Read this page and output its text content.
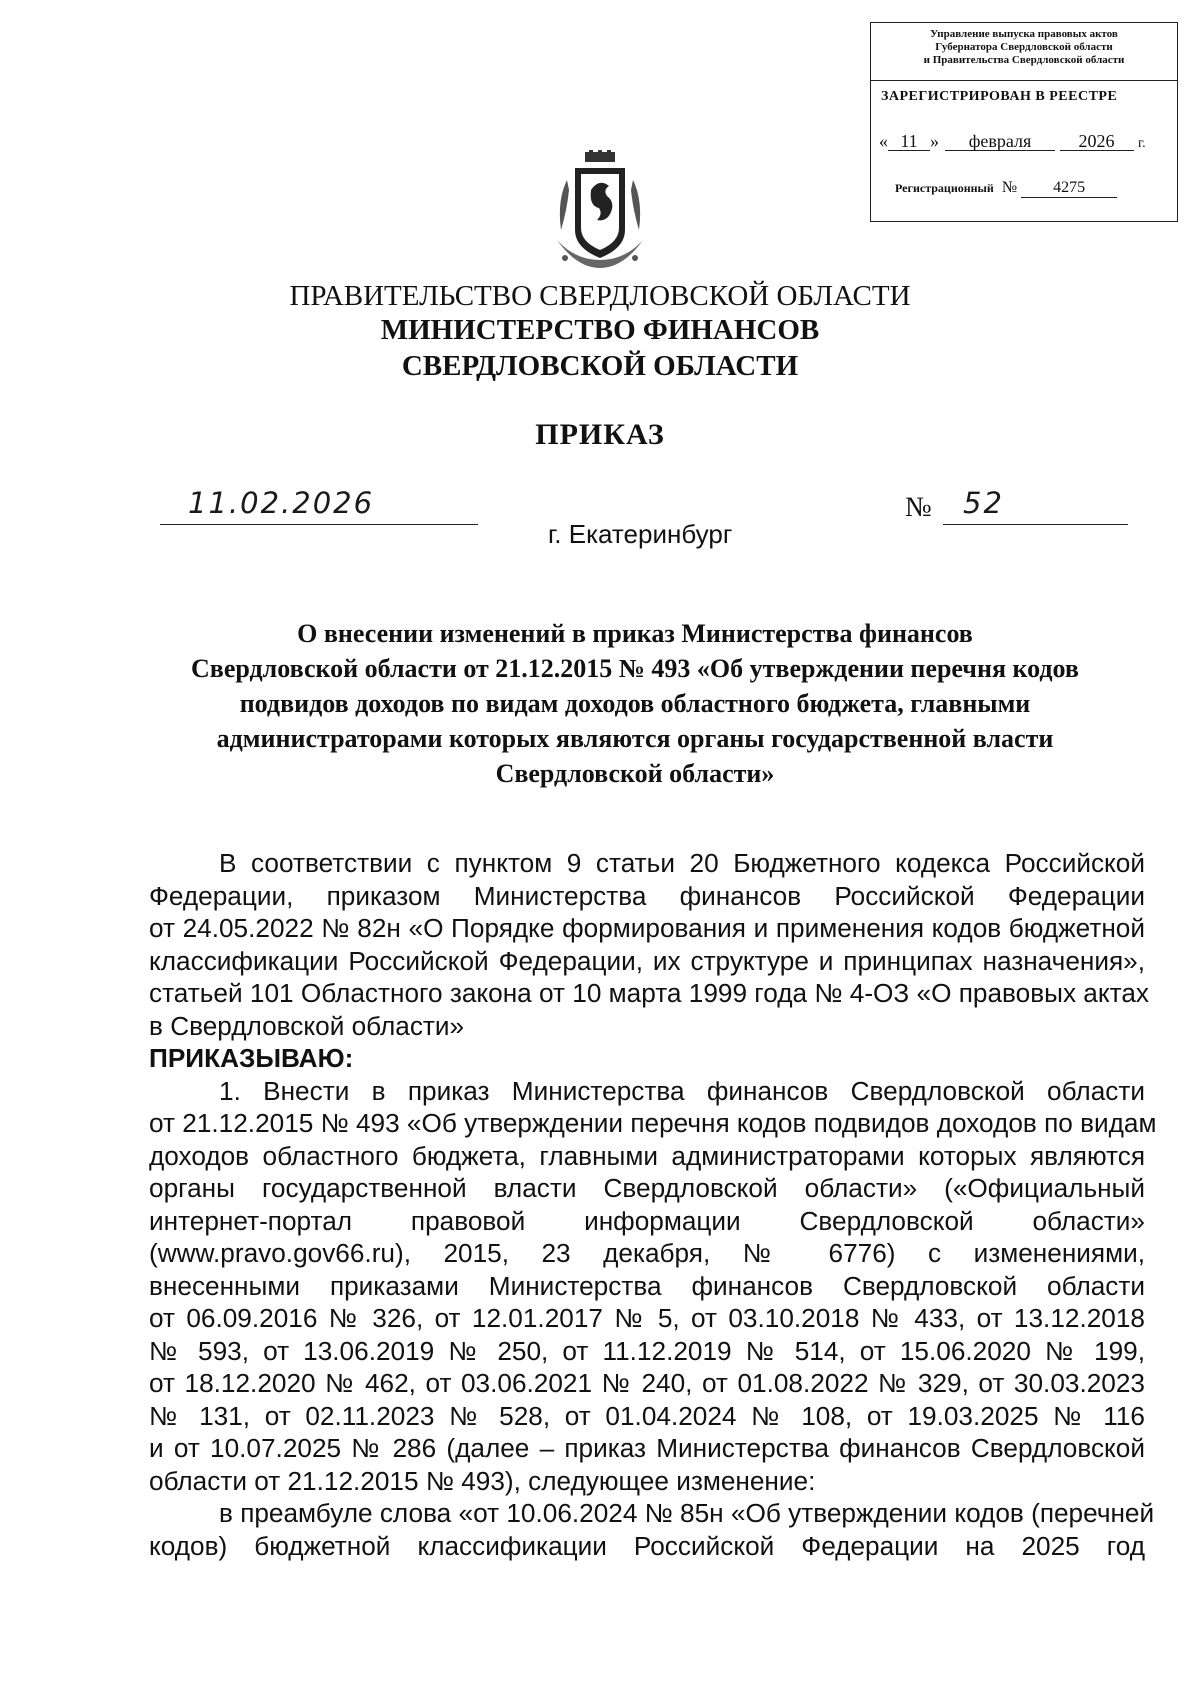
Управление выпуска правовых актов
Губернатора Свердловской области
и Правительства Свердловской области
ЗАРЕГИСТРИРОВАН В РЕЕСТРЕ
« 11 » февраля	2026 г.
Регистрационный  № 4275
ПРАВИТЕЛЬСТВО СВЕРДЛОВСКОЙ ОБЛАСТИ
МИНИСТЕРСТВО ФИНАНСОВ
СВЕРДЛОВСКОЙ ОБЛАСТИ
ПРИКАЗ
11.02.2026	№ 52
г. Екатеринбург
О внесении изменений в приказ Министерства финансов
Свердловской области от 21.12.2015 № 493 «Об утверждении перечня кодов
подвидов доходов по видам доходов областного бюджета, главными
администраторами которых являются органы государственной власти
Свердловской области»
В соответствии с пунктом 9 статьи 20 Бюджетного кодекса Российской
Федерации, приказом Министерства финансов Российской Федерации
от 24.05.2022 № 82н «О Порядке формирования и применения кодов бюджетной
классификации Российской Федерации, их структуре и принципах назначения»,
статьей 101 Областного закона от 10 марта 1999 года № 4-ОЗ «О правовых актах
в Свердловской области»
ПРИКАЗЫВАЮ:
1. Внести в приказ Министерства финансов Свердловской области
от 21.12.2015 № 493 «Об утверждении перечня кодов подвидов доходов по видам
доходов областного бюджета, главными администраторами которых являются
органы государственной власти Свердловской области» («Официальный
интернет-портал правовой информации Свердловской области»
(www.pravo.gov66.ru), 2015, 23 декабря, № 6776) с изменениями,
внесенными приказами Министерства финансов Свердловской области
от 06.09.2016 № 326, от 12.01.2017 № 5, от 03.10.2018 № 433, от 13.12.2018
№ 593, от 13.06.2019 № 250, от 11.12.2019 № 514, от 15.06.2020 № 199,
от 18.12.2020 № 462, от 03.06.2021 № 240, от 01.08.2022 № 329, от 30.03.2023
№ 131, от 02.11.2023 № 528, от 01.04.2024 № 108, от 19.03.2025 № 116
и от 10.07.2025 № 286 (далее – приказ Министерства финансов Свердловской
области от 21.12.2015 № 493), следующее изменение:
в преамбуле слова «от 10.06.2024 № 85н «Об утверждении кодов (перечней
кодов) бюджетной классификации Российской Федерации на 2025 год
